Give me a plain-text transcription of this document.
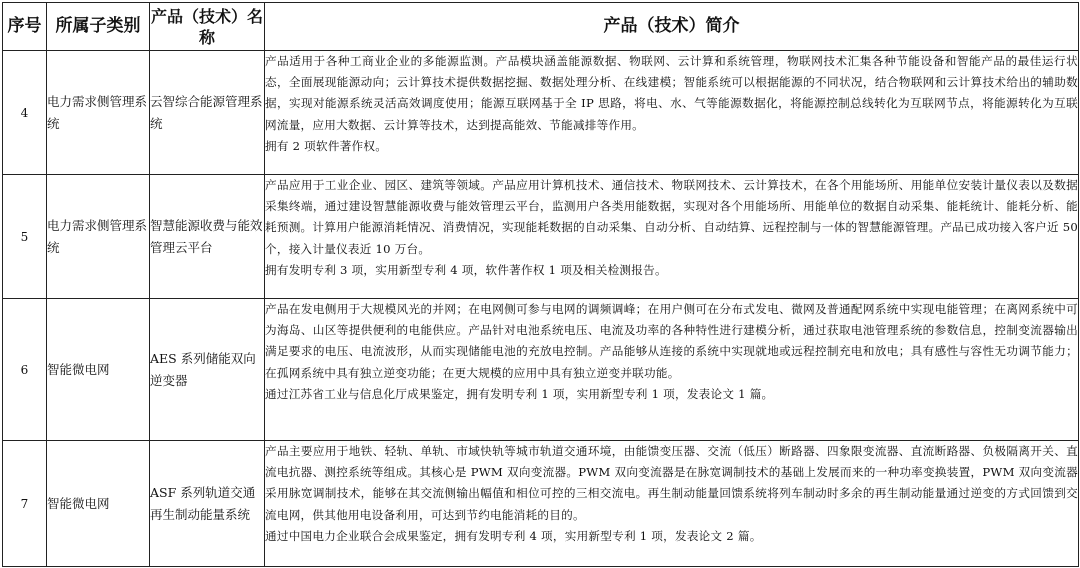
序号	所属子类别	产品（技术）名称	产品（技术）简介
4	电力需求侧管理系统	云智综合能源管理系统	产品适用于各种工商业企业的多能源监测。产品模块涵盖能源数据、物联网、云计算和系统管理，物联网技术汇集各种节能设备和智能产品的最佳运行状态，全面展现能源动向；云计算技术提供数据挖掘、数据处理分析、在线建模；智能系统可以根据能源的不同状况，结合物联网和云计算技术给出的辅助数据，实现对能源系统灵活高效调度使用；能源互联网基于全 IP 思路，将电、水、气等能源数据化，将能源控制总线转化为互联网节点，将能源转化为互联网流量，应用大数据、云计算等技术，达到提高能效、节能减排等作用。

拥有 2 项软件著作权。

5	电力需求侧管理系统	智慧能源收费与能效管理云平台	产品应用于工业企业、园区、建筑等领域。产品应用计算机技术、通信技术、物联网技术、云计算技术，在各个用能场所、用能单位安装计量仪表以及数据采集终端，通过建设智慧能源收费与能效管理云平台，监测用户各类用能数据，实现对各个用能场所、用能单位的数据自动采集、能耗统计、能耗分析、能耗预测。计算用户能源消耗情况、消费情况，实现能耗数据的自动采集、自动分析、自动结算、远程控制与一体的智慧能源管理。产品已成功接入客户近 50 个，接入计量仪表近 10 万台。

拥有发明专利 3 项，实用新型专利 4 项，软件著作权 1 项及相关检测报告。

6	智能微电网	AES 系列储能双向逆变器	产品在发电侧用于大规模风光的并网；在电网侧可参与电网的调频调峰；在用户侧可在分布式发电、微网及普通配网系统中实现电能管理；在离网系统中可为海岛、山区等提供便利的电能供应。产品针对电池系统电压、电流及功率的各种特性进行建模分析，通过获取电池管理系统的参数信息，控制变流器输出满足要求的电压、电流波形，从而实现储能电池的充放电控制。产品能够从连接的系统中实现就地或远程控制充电和放电；具有感性与容性无功调节能力；在孤网系统中具有独立逆变功能；在更大规模的应用中具有独立逆变并联功能。

通过江苏省工业与信息化厅成果鉴定，拥有发明专利 1 项，实用新型专利 1 项，发表论文 1 篇。

7	智能微电网	ASF 系列轨道交通再生制动能量系统	产品主要应用于地铁、轻轨、单轨、市域快轨等城市轨道交通环境，由能馈变压器、交流（低压）断路器、四象限变流器、直流断路器、负极隔离开关、直流电抗器、测控系统等组成。其核心是 PWM 双向变流器。PWM 双向变流器是在脉宽调制技术的基础上发展而来的一种功率变换装置，PWM 双向变流器采用脉宽调制技术，能够在其交流侧输出幅值和相位可控的三相交流电。再生制动能量回馈系统将列车制动时多余的再生制动能量通过逆变的方式回馈到交流电网，供其他用电设备利用，可达到节约电能消耗的目的。

通过中国电力企业联合会成果鉴定，拥有发明专利 4 项，实用新型专利 1 项，发表论文 2 篇。
